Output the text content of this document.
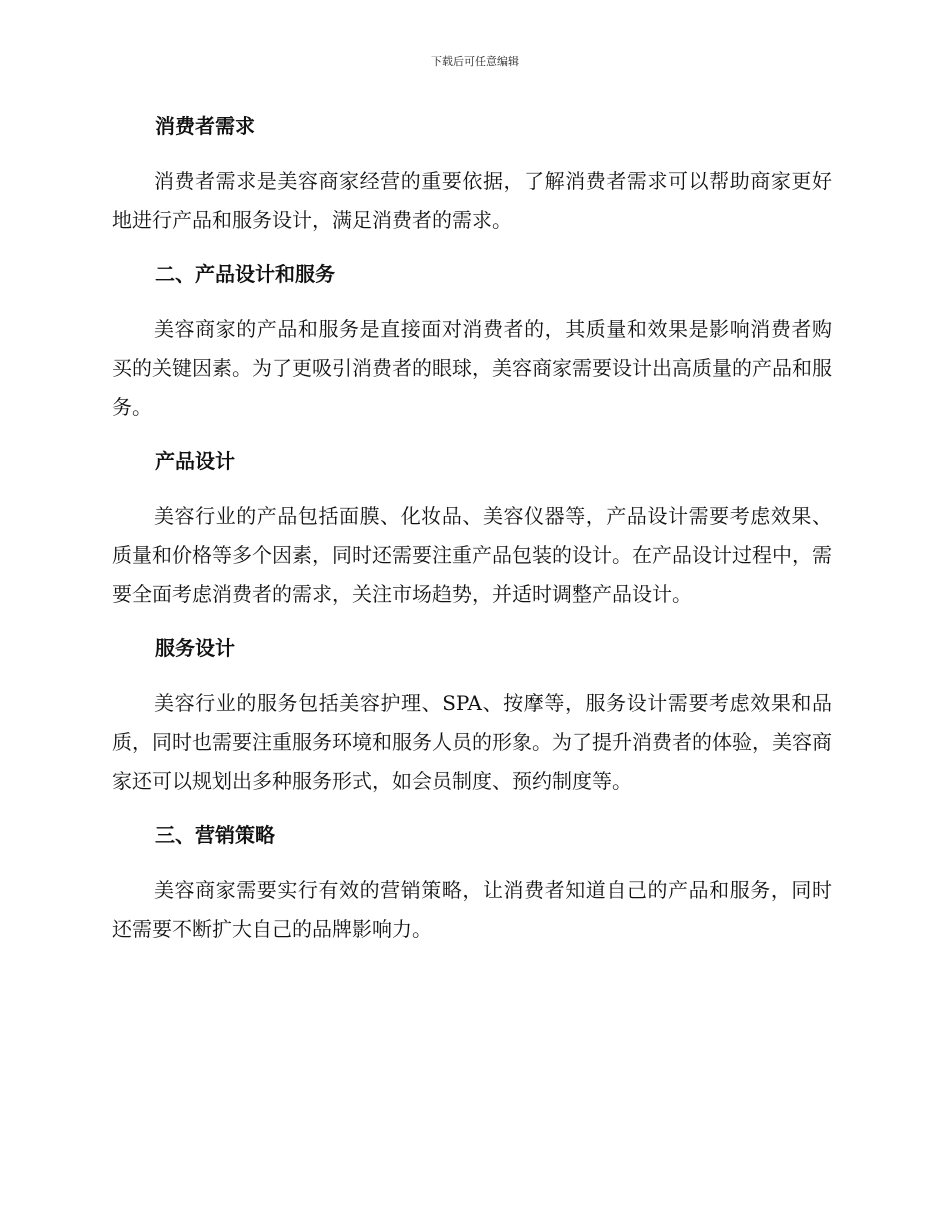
下载后可任意编辑
消费者需求

消费者需求是美容商家经营的重要依据，了解消费者需求可以帮助商家更好地进行产品和服务设计，满足消费者的需求。

二、产品设计和服务

美容商家的产品和服务是直接面对消费者的，其质量和效果是影响消费者购买的关键因素。为了更吸引消费者的眼球，美容商家需要设计出高质量的产品和服务。

产品设计

美容行业的产品包括面膜、化妆品、美容仪器等，产品设计需要考虑效果、质量和价格等多个因素，同时还需要注重产品包装的设计。在产品设计过程中，需要全面考虑消费者的需求，关注市场趋势，并适时调整产品设计。

服务设计

美容行业的服务包括美容护理、SPA、按摩等，服务设计需要考虑效果和品质，同时也需要注重服务环境和服务人员的形象。为了提升消费者的体验，美容商家还可以规划出多种服务形式，如会员制度、预约制度等。

三、营销策略

美容商家需要实行有效的营销策略，让消费者知道自己的产品和服务，同时还需要不断扩大自己的品牌影响力。
